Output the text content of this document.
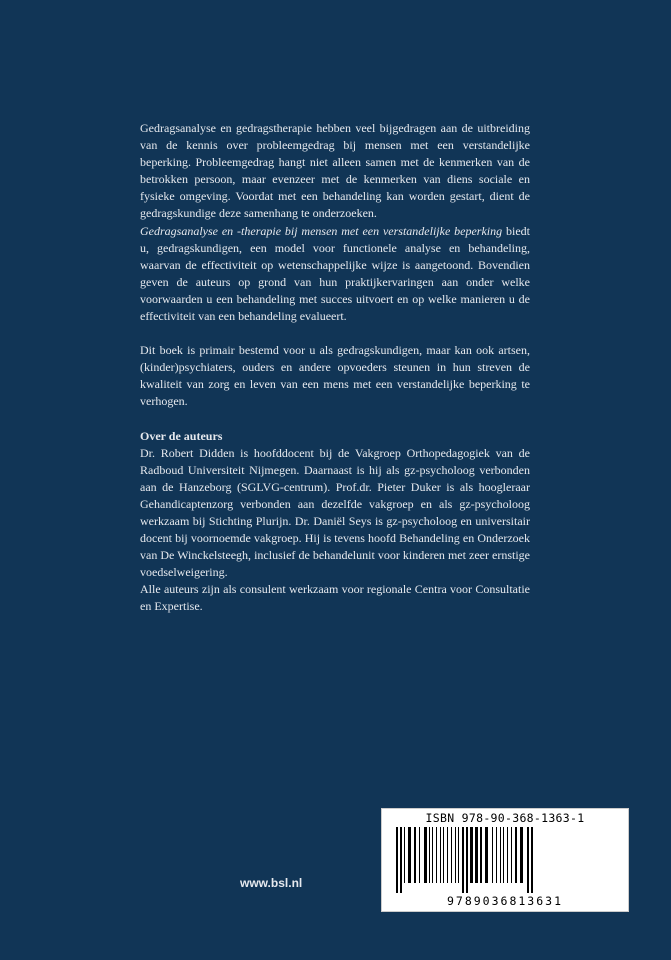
Gedragsanalyse en gedragstherapie hebben veel bijgedragen aan de uitbreiding van de kennis over probleemgedrag bij mensen met een verstandelijke beperking. Probleemgedrag hangt niet alleen samen met de kenmerken van de betrokken persoon, maar evenzeer met de kenmerken van diens sociale en fysieke omgeving. Voordat met een behandeling kan worden gestart, dient de gedragskundige deze samenhang te onderzoeken.

Gedragsanalyse en -therapie bij mensen met een verstandelijke beperking biedt u, gedragskundigen, een model voor functionele analyse en behandeling, waarvan de effectiviteit op wetenschappelijke wijze is aangetoond. Bovendien geven de auteurs op grond van hun praktijkervaringen aan onder welke voorwaarden u een behandeling met succes uitvoert en op welke manieren u de effectiviteit van een behandeling evalueert.

Dit boek is primair bestemd voor u als gedragskundigen, maar kan ook artsen, (kinder)psychiaters, ouders en andere opvoeders steunen in hun streven de kwaliteit van zorg en leven van een mens met een verstandelijke beperking te verhogen.

Over de auteurs

Dr. Robert Didden is hoofddocent bij de Vakgroep Orthopedagogiek van de Radboud Universiteit Nijmegen. Daarnaast is hij als gz-psycholoog verbonden aan de Hanzeborg (SGLVG-centrum). Prof.dr. Pieter Duker is als hoogleraar Gehandicaptenzorg verbonden aan dezelfde vakgroep en als gz-psycholoog werkzaam bij Stichting Plurijn. Dr. Daniël Seys is gz-psycholoog en universitair docent bij voornoemde vakgroep. Hij is tevens hoofd Behandeling en Onderzoek van De Winckelsteegh, inclusief de behandelunit voor kinderen met zeer ernstige voedselweigering.

Alle auteurs zijn als consulent werkzaam voor regionale Centra voor Consultatie en Expertise.

www.bsl.nl
ISBN 978-90-368-1363-1
9789036813631
